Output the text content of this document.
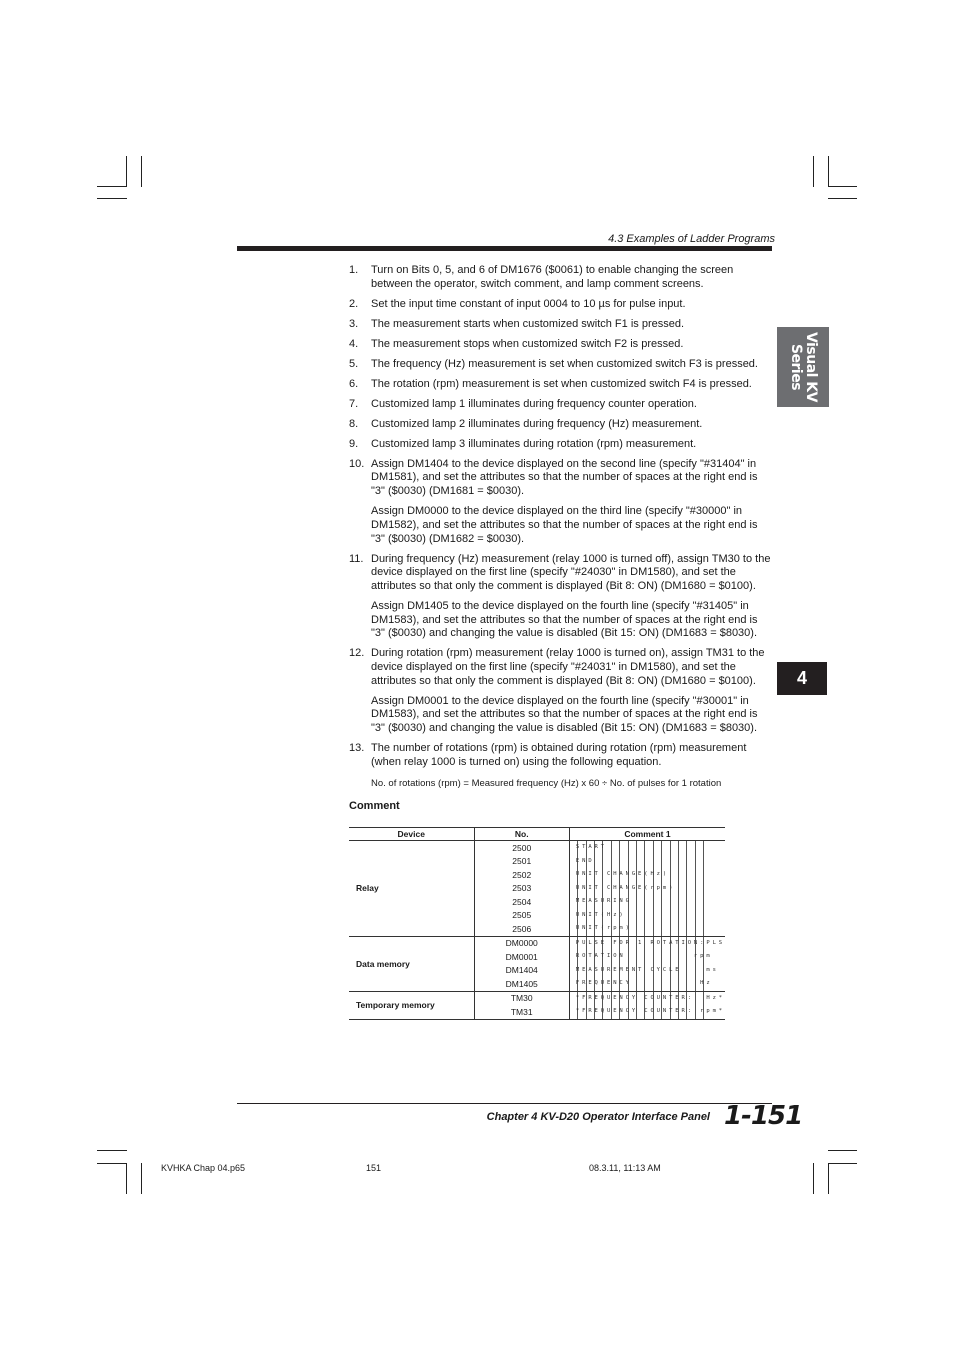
4.3 Examples of Ladder Programs
Visual KV
Series
4
1. Turn on Bits 0, 5, and 6 of DM1676 ($0061) to enable changing the screen between the operator, switch comment, and lamp comment screens.

2. Set the input time constant of input 0004 to 10 µs for pulse input.

3. The measurement starts when customized switch F1 is pressed.

4. The measurement stops when customized switch F2 is pressed.

5. The frequency (Hz) measurement is set when customized switch F3 is pressed.

6. The rotation (rpm) measurement is set when customized switch F4 is pressed.

7. Customized lamp 1 illuminates during frequency counter operation.

8. Customized lamp 2 illuminates during frequency (Hz) measurement.

9. Customized lamp 3 illuminates during rotation (rpm) measurement.

10. Assign DM1404 to the device displayed on the second line (specify "#31404" in DM1581), and set the attributes so that the number of spaces at the right end is "3" ($0030) (DM1681 = $0030).

Assign DM0000 to the device displayed on the third line (specify "#30000" in DM1582), and set the attributes so that the number of spaces at the right end is "3" ($0030) (DM1682 = $0030).

11. During frequency (Hz) measurement (relay 1000 is turned off), assign TM30 to the device displayed on the first line (specify "#24030" in DM1580), and set the attributes so that only the comment is displayed (Bit 8: ON) (DM1680 = $0100).

Assign DM1405 to the device displayed on the fourth line (specify "#31405" in DM1583), and set the attributes so that the number of spaces at the right end is "3" ($0030) and changing the value is disabled (Bit 15: ON) (DM1683 = $8030).

12. During rotation (rpm) measurement (relay 1000 is turned on), assign TM31 to the device displayed on the first line (specify "#24031" in DM1580), and set the attributes so that only the comment is displayed (Bit 8: ON) (DM1680 = $0100).

Assign DM0001 to the device displayed on the fourth line (specify "#30001" in DM1583), and set the attributes so that the number of spaces at the right end is "3" ($0030) and changing the value is disabled (Bit 15: ON) (DM1683 = $8030).

13. The number of rotations (rpm) is obtained during rotation (rpm) measurement (when relay 1000 is turned on) using the following equation.

No. of rotations (rpm) = Measured frequency (Hz) x 60 ÷ No. of pulses for 1 rotation

Comment
Device	No.	Comment 1
Relay	2500	START

	2501	END

	2502	UNIT CHANGE(Hz)

	2503	UNIT CHANGE(rpm)

	2504	MEASURING

	2505	UNIT(Hz)

	2506	UNIT(rpm)

Data memory	DM0000	PULSE FOR 1 ROTATION:PLS

	DM0001	ROTATION           rpm

	DM1404	MEASUREMENT CYCLE    ms

	DM1405	FREQUENCY           Hz

Temporary memory	TM30	*FREQUENCY COUNTER:  Hz*

	TM31	*FREQUENCY COUNTER: rpm*
Chapter 4 KV-D20 Operator Interface Panel 1-151
KVHKA Chap 04.p65	151	08.3.11, 11:13 AM
